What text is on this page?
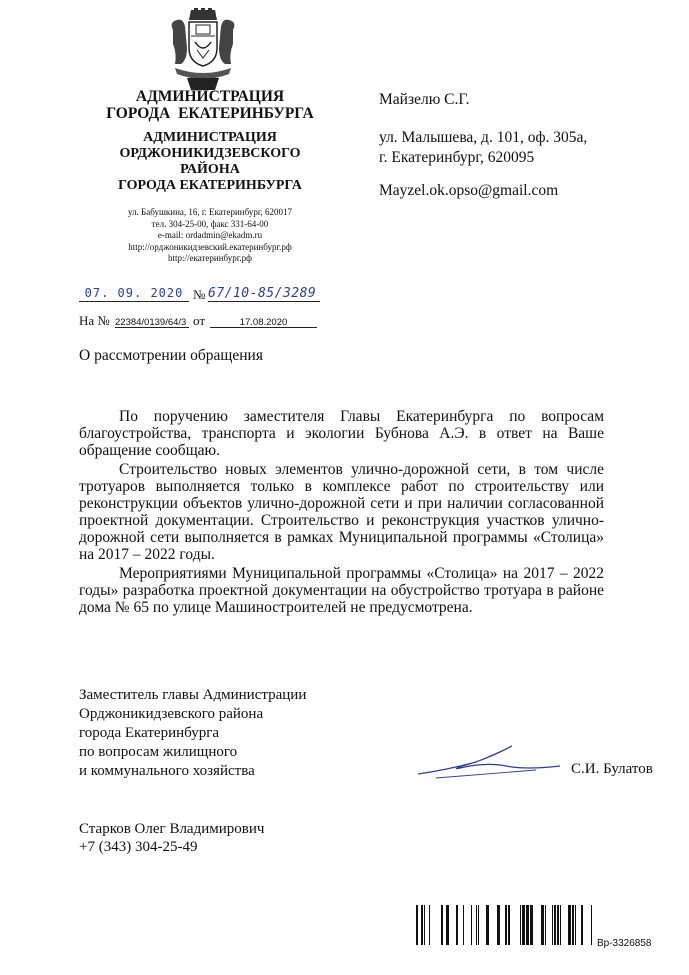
АДМИНИСТРАЦИЯ
ГОРОДА  ЕКАТЕРИНБУРГА
АДМИНИСТРАЦИЯ
ОРДЖОНИКИДЗЕВСКОГО
РАЙОНА
ГОРОДА ЕКАТЕРИНБУРГА
ул. Бабушкина, 16, г. Екатеринбург, 620017
тел. 304-25-00, факс 331-64-00
e-mail: ordadmin@ekadm.ru
http://орджоникидзевский.екатеринбург.рф
http://екатеринбург.рф
07. 09. 2020 № 67/10-85/3289
На № 22384/0139/64/3 от	17.08.2020
Майзелю С.Г.
ул. Малышева, д. 101, оф. 305а,
г. Екатеринбург, 620095
Mayzel.ok.opso@gmail.com
О рассмотрении обращения

По поручению заместителя Главы Екатеринбурга по вопросам благоустройства, транспорта и экологии Бубнова А.Э. в ответ на Ваше обращение сообщаю.

Строительство новых элементов улично-дорожной сети, в том числе тротуаров выполняется только в комплексе работ по строительству или реконструкции объектов улично-дорожной сети и при наличии согласованной проектной документации. Строительство и реконструкция участков улично-дорожной сети выполняется в рамках Муниципальной программы «Столица» на 2017 – 2022 годы.

Мероприятиями Муниципальной программы «Столица» на 2017 – 2022 годы» разработка проектной документации на обустройство тротуара в районе дома № 65 по улице Машиностроителей не предусмотрена.

Заместитель главы Администрации
Орджоникидзевского района
города Екатеринбурга
по вопросам жилищного
и коммунального хозяйства	С.И. Булатов
Старков Олег Владимирович
+7 (343) 304-25-49
Вр-3326858
